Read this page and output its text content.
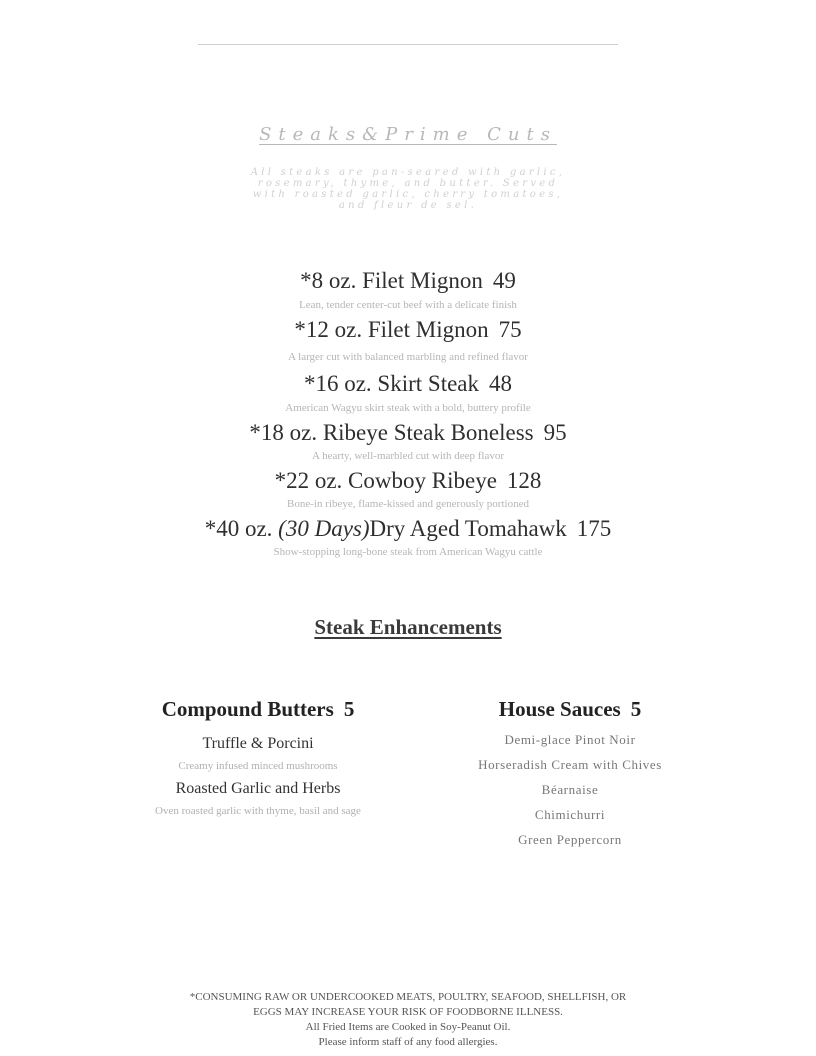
Steaks&Prime Cuts
All steaks are pan-seared with garlic, rosemary, thyme, and butter. Served with roasted garlic, cherry tomatoes, and fleur de sel.
*8 oz. Filet Mignon 49
Lean, tender center-cut beef with a delicate finish
*12 oz. Filet Mignon 75
A larger cut with balanced marbling and refined flavor
*16 oz. Skirt Steak 48
American Wagyu skirt steak with a bold, buttery profile
*18 oz. Ribeye Steak Boneless 95
A hearty, well-marbled cut with deep flavor
*22 oz. Cowboy Ribeye 128
Bone-in ribeye, flame-kissed and generously portioned
*40 oz. (30 Days)Dry Aged Tomahawk 175
Show-stopping long-bone steak from American Wagyu cattle
Steak Enhancements
Compound Butters 5
Truffle & Porcini
Creamy infused minced mushrooms
Roasted Garlic and Herbs
Oven roasted garlic with thyme, basil and sage
House Sauces 5
Demi-glace Pinot Noir
Horseradish Cream with Chives
Béarnaise
Chimichurri
Green Peppercorn
*CONSUMING RAW OR UNDERCOOKED MEATS, POULTRY, SEAFOOD, SHELLFISH, OR
EGGS MAY INCREASE YOUR RISK OF FOODBORNE ILLNESS.
All Fried Items are Cooked in Soy-Peanut Oil.
Please inform staff of any food allergies.
